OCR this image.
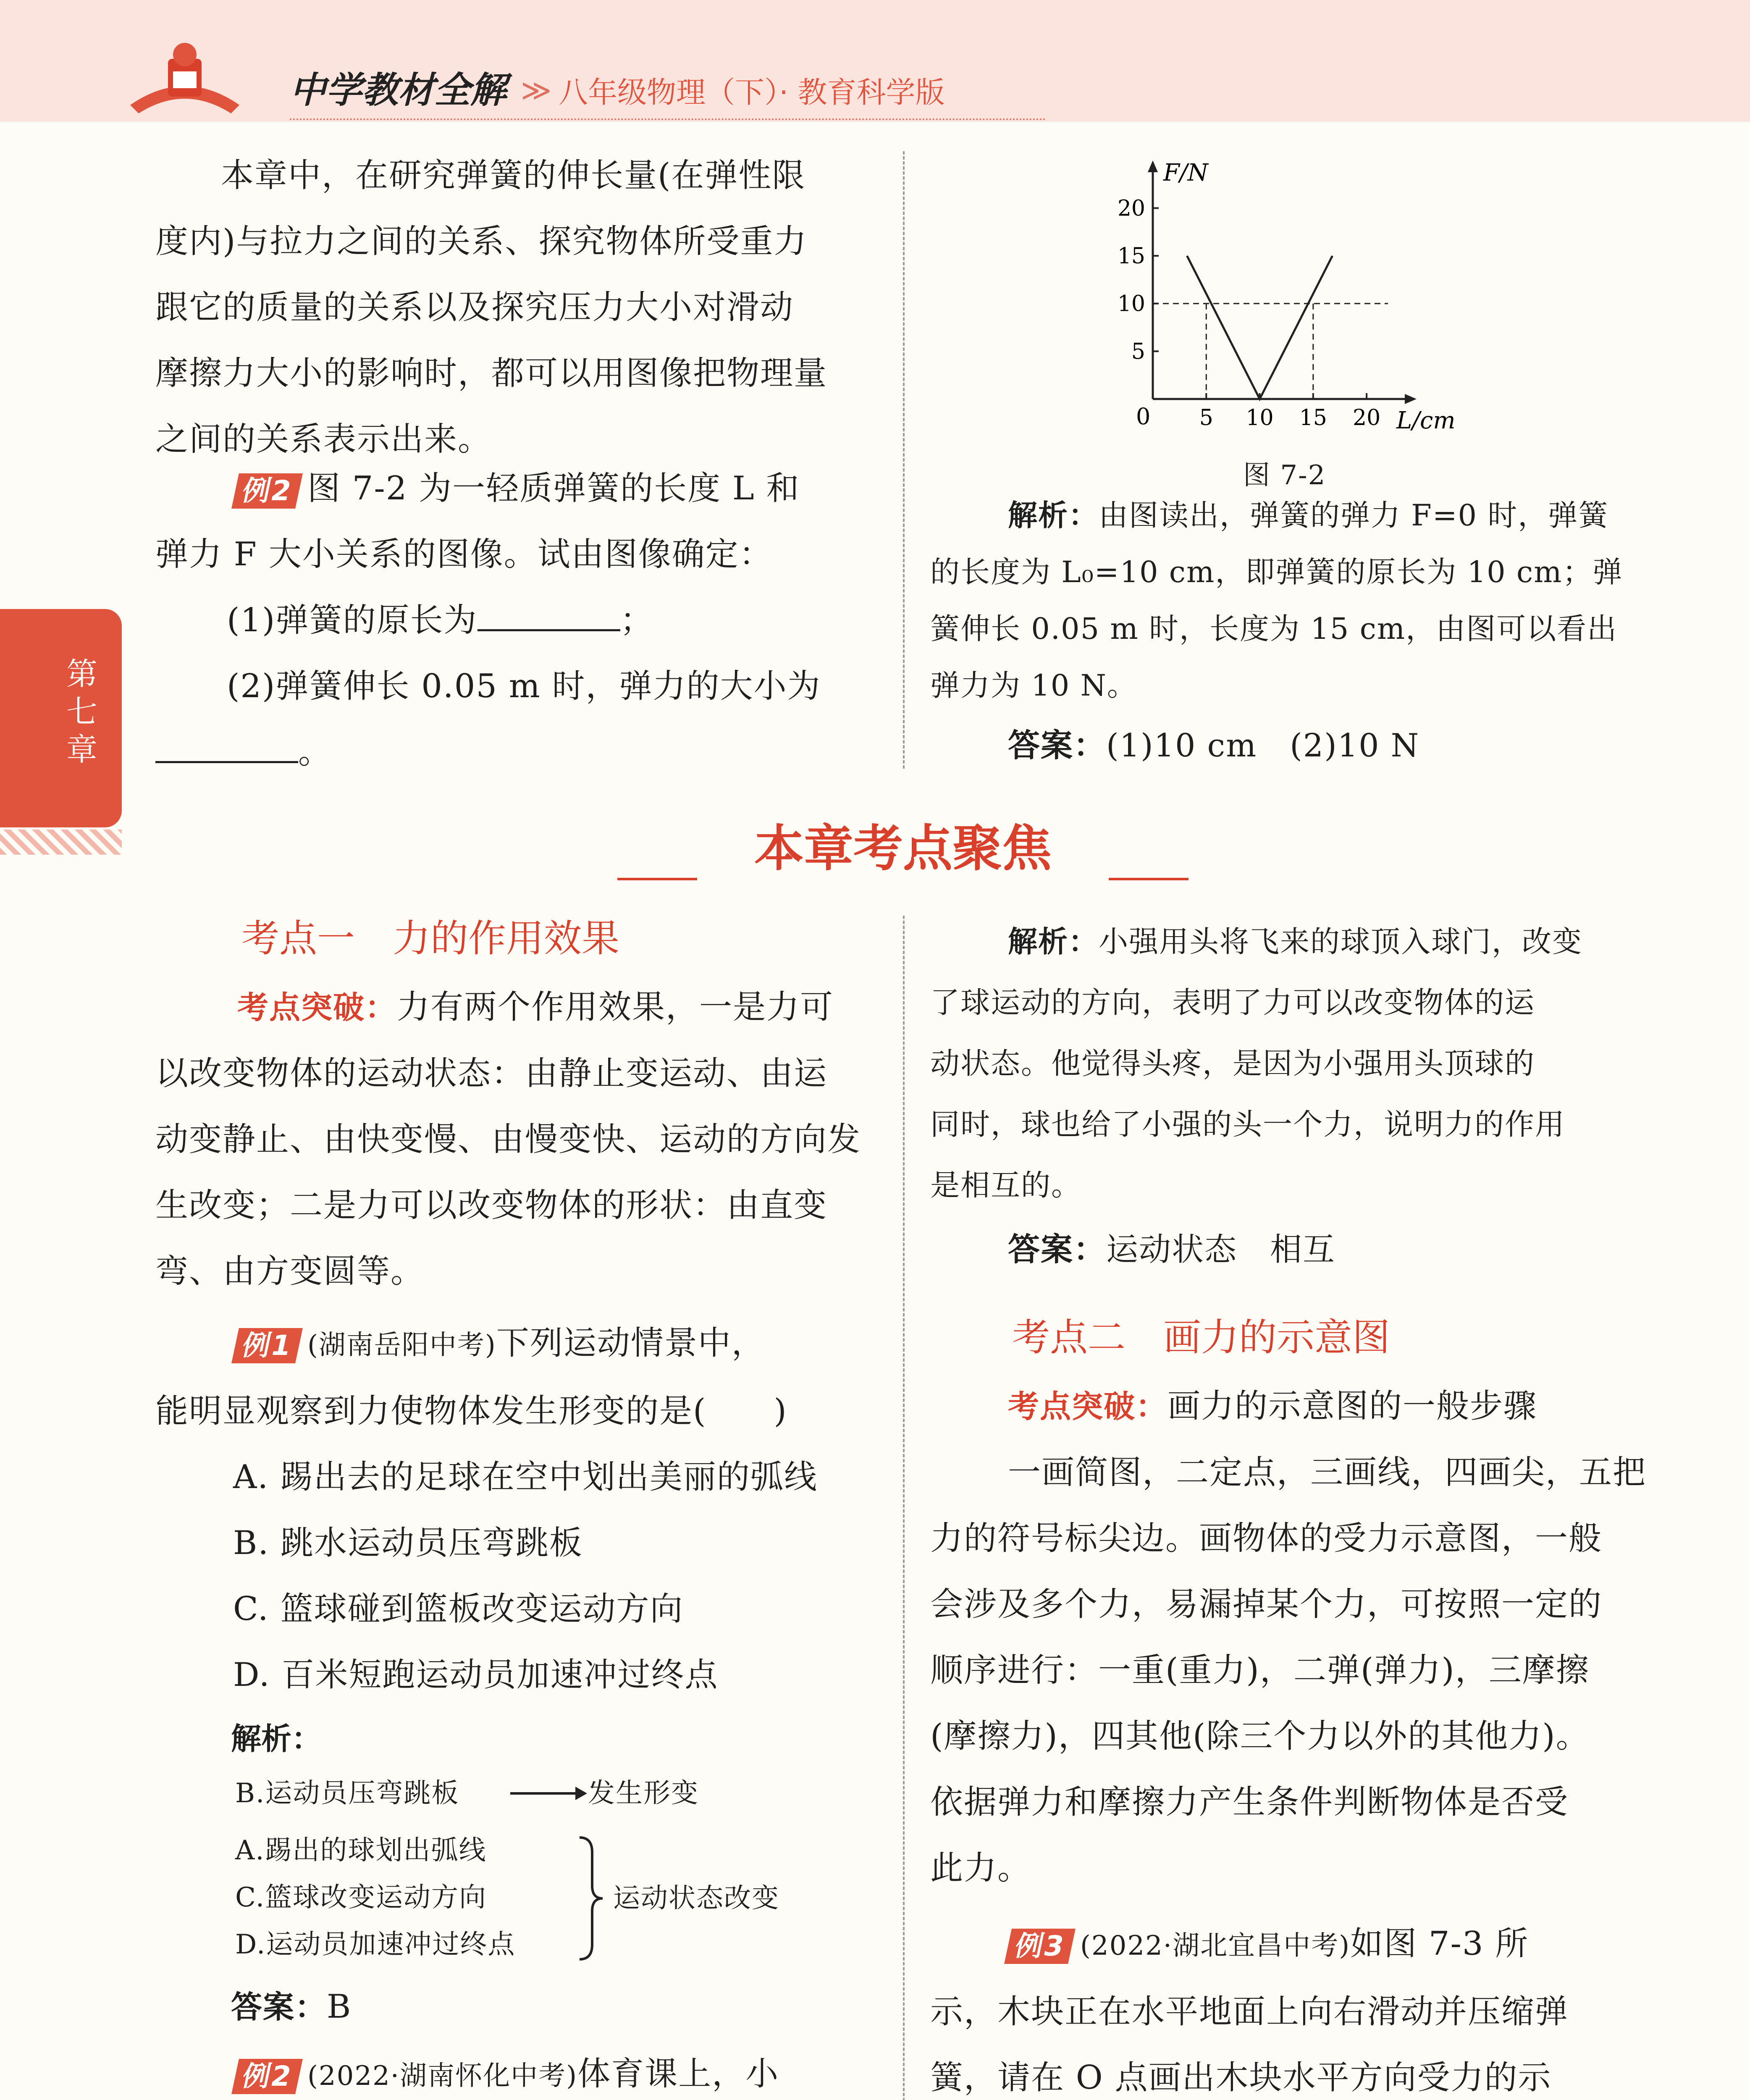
中学教材全解 ≫ 八年级物理（下）· 教育科学版
第
七
章
本章中，在研究弹簧的伸长量(在弹性限
度内)与拉力之间的关系、探究物体所受重力
跟它的质量的关系以及探究压力大小对滑动
摩擦力大小的影响时，都可以用图像把物理量
之间的关系表示出来。
例2 图 7-2 为一轻质弹簧的长度 L 和
弹力 F 大小关系的图像。试由图像确定：
(1)弹簧的原长为	；
(2)弹簧伸长 0.05 m 时，弹力的大小为
。
F/N
L/cm
0 5 10 15 20
5
10
15
20
图 7-2
解析：由图读出，弹簧的弹力 F=0 时，弹簧
的长度为 L₀=10 cm，即弹簧的原长为 10 cm；弹
簧伸长 0.05 m 时，长度为 15 cm，由图可以看出
弹力为 10 N。
答案：(1)10 cm　(2)10 N
本章考点聚焦
考点一　力的作用效果
考点突破：力有两个作用效果，一是力可
以改变物体的运动状态：由静止变运动、由运
动变静止、由快变慢、由慢变快、运动的方向发
生改变；二是力可以改变物体的形状：由直变
弯、由方变圆等。
例1 (湖南岳阳中考)下列运动情景中，
能明显观察到力使物体发生形变的是(　　)
A. 踢出去的足球在空中划出美丽的弧线
B. 跳水运动员压弯跳板
C. 篮球碰到篮板改变运动方向
D. 百米短跑运动员加速冲过终点
解析：
B.运动员压弯跳板	发生形变
A.踢出的球划出弧线
C.篮球改变运动方向
D.运动员加速冲过终点
运动状态改变
答案：B
例2 (2022·湖南怀化中考)体育课上，小
解析：小强用头将飞来的球顶入球门，改变
了球运动的方向，表明了力可以改变物体的运
动状态。他觉得头疼，是因为小强用头顶球的
同时，球也给了小强的头一个力，说明力的作用
是相互的。
答案：运动状态　相互
考点二　画力的示意图
考点突破：画力的示意图的一般步骤
一画简图，二定点，三画线，四画尖，五把
力的符号标尖边。画物体的受力示意图，一般
会涉及多个力，易漏掉某个力，可按照一定的
顺序进行：一重(重力)，二弹(弹力)，三摩擦
(摩擦力)，四其他(除三个力以外的其他力)。
依据弹力和摩擦力产生条件判断物体是否受
此力。
例3 (2022·湖北宜昌中考)如图 7-3 所
示，木块正在水平地面上向右滑动并压缩弹
簧，请在 O 点画出木块水平方向受力的示
